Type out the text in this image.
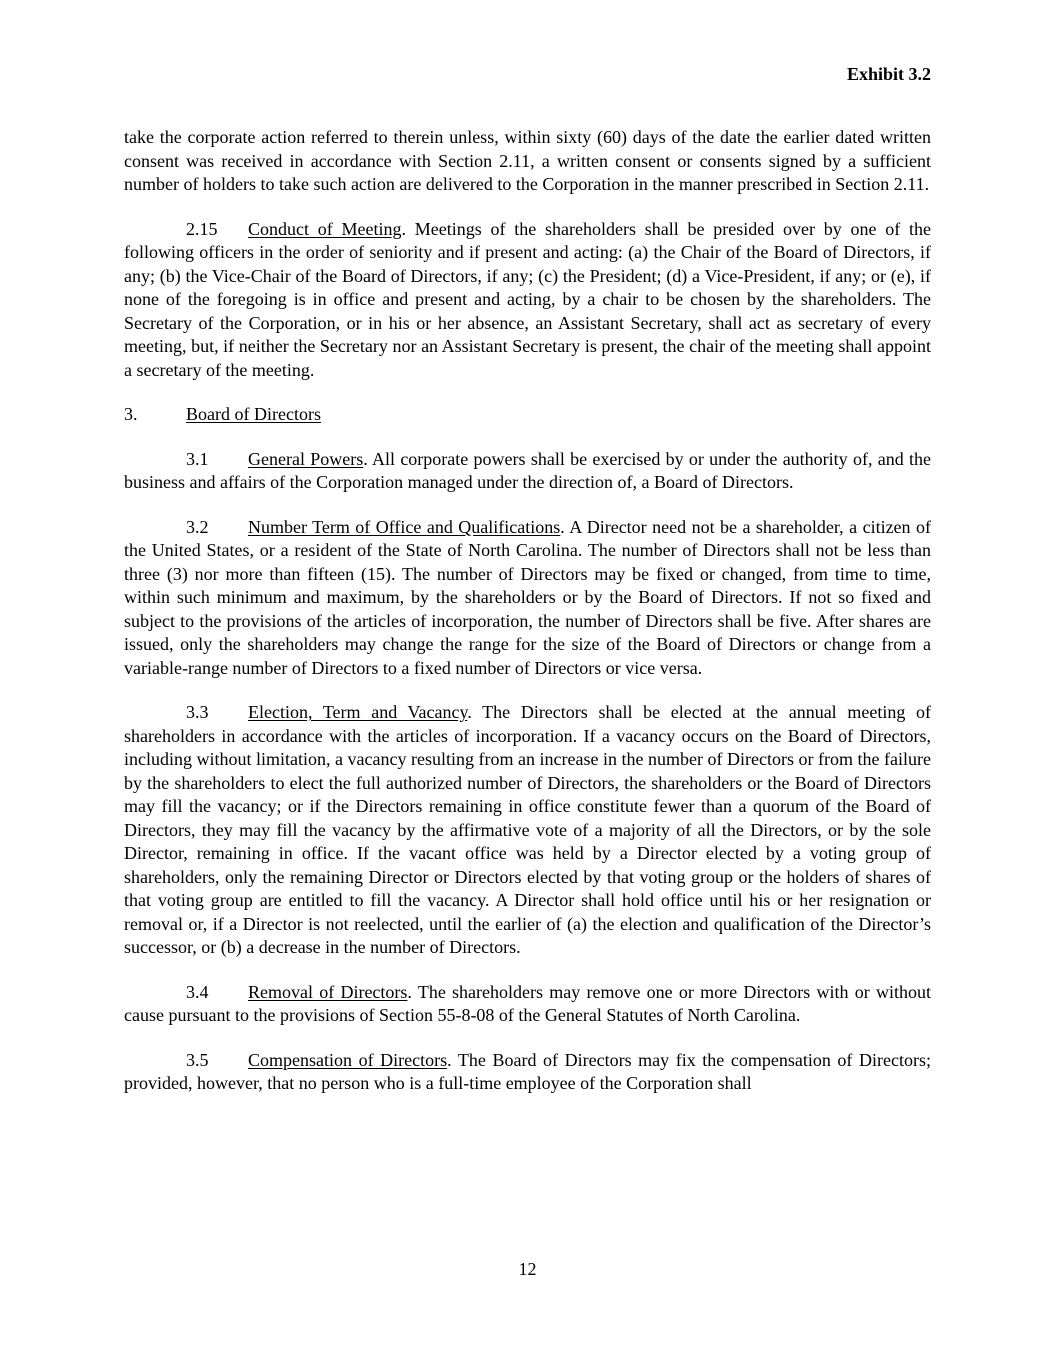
Exhibit 3.2

take the corporate action referred to therein unless, within sixty (60) days of the date the earlier dated written consent was received in accordance with Section 2.11, a written consent or consents signed by a sufficient number of holders to take such action are delivered to the Corporation in the manner prescribed in Section 2.11.

2.15 Conduct of Meeting. Meetings of the shareholders shall be presided over by one of the following officers in the order of seniority and if present and acting: (a) the Chair of the Board of Directors, if any; (b) the Vice-Chair of the Board of Directors, if any; (c) the President; (d) a Vice-President, if any; or (e), if none of the foregoing is in office and present and acting, by a chair to be chosen by the shareholders. The Secretary of the Corporation, or in his or her absence, an Assistant Secretary, shall act as secretary of every meeting, but, if neither the Secretary nor an Assistant Secretary is present, the chair of the meeting shall appoint a secretary of the meeting.

3.	Board of Directors

3.1 General Powers. All corporate powers shall be exercised by or under the authority of, and the business and affairs of the Corporation managed under the direction of, a Board of Directors.

3.2 Number Term of Office and Qualifications. A Director need not be a shareholder, a citizen of the United States, or a resident of the State of North Carolina. The number of Directors shall not be less than three (3) nor more than fifteen (15). The number of Directors may be fixed or changed, from time to time, within such minimum and maximum, by the shareholders or by the Board of Directors. If not so fixed and subject to the provisions of the articles of incorporation, the number of Directors shall be five. After shares are issued, only the shareholders may change the range for the size of the Board of Directors or change from a variable-range number of Directors to a fixed number of Directors or vice versa.

3.3 Election, Term and Vacancy. The Directors shall be elected at the annual meeting of shareholders in accordance with the articles of incorporation. If a vacancy occurs on the Board of Directors, including without limitation, a vacancy resulting from an increase in the number of Directors or from the failure by the shareholders to elect the full authorized number of Directors, the shareholders or the Board of Directors may fill the vacancy; or if the Directors remaining in office constitute fewer than a quorum of the Board of Directors, they may fill the vacancy by the affirmative vote of a majority of all the Directors, or by the sole Director, remaining in office. If the vacant office was held by a Director elected by a voting group of shareholders, only the remaining Director or Directors elected by that voting group or the holders of shares of that voting group are entitled to fill the vacancy. A Director shall hold office until his or her resignation or removal or, if a Director is not reelected, until the earlier of (a) the election and qualification of the Director’s successor, or (b) a decrease in the number of Directors.

3.4 Removal of Directors. The shareholders may remove one or more Directors with or without cause pursuant to the provisions of Section 55-8-08 of the General Statutes of North Carolina.

3.5 Compensation of Directors. The Board of Directors may fix the compensation of Directors; provided, however, that no person who is a full-time employee of the Corporation shall

12
